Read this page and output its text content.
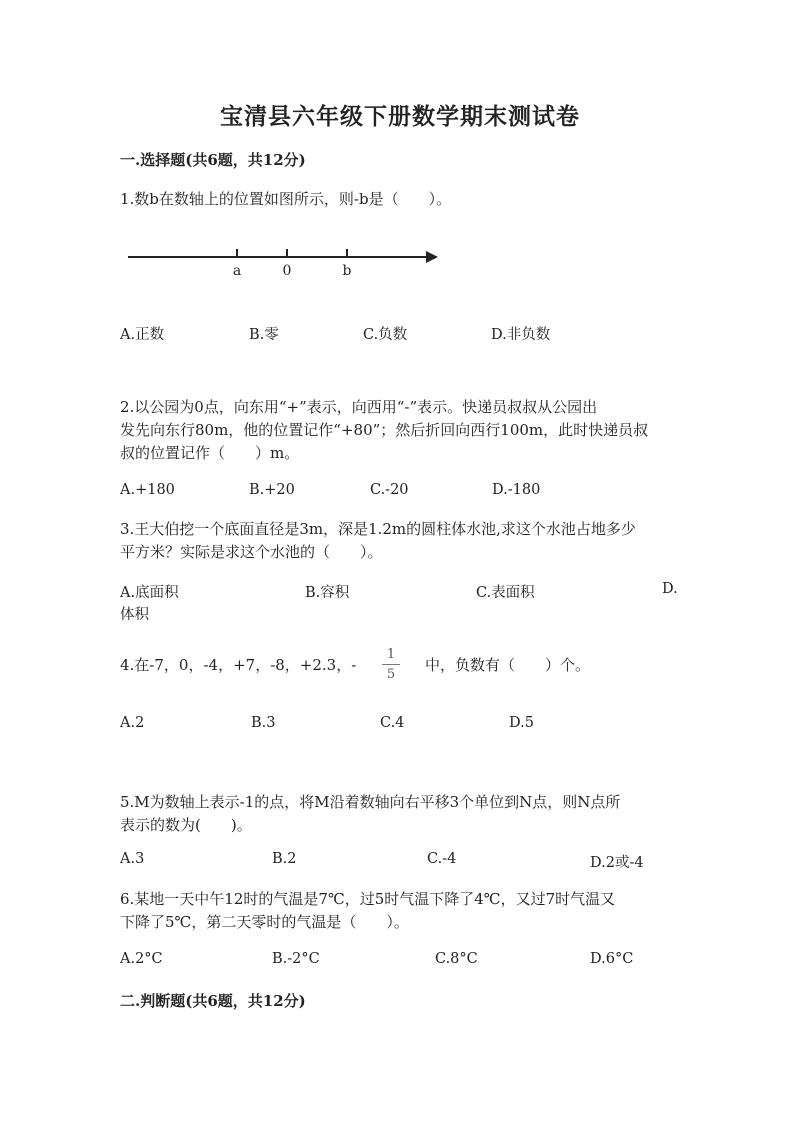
宝清县六年级下册数学期末测试卷
一.选择题(共6题，共12分)
1.数b在数轴上的位置如图所示，则-b是（　　）。
a	0	b
A.正数	B.零	C.负数	D.非负数
2.以公园为0点，向东用“+”表示，向西用“-”表示。快递员叔叔从公园出
发先向东行80m，他的位置记作“+80”；然后折回向西行100m，此时快递员叔
叔的位置记作（　　）m。
A.+180	B.+20	C.-20	D.-180
3.王大伯挖一个底面直径是3m，深是1.2m的圆柱体水池,求这个水池占地多少
平方米？实际是求这个水池的（　　）。
A.底面积	B.容积	C.表面积	D.
体积
4.在-7，0，-4，+7，-8，+2.3，-
1
5
中，负数有（　　）个。
A.2	B.3	C.4	D.5
5.M为数轴上表示-1的点，将M沿着数轴向右平移3个单位到N点，则N点所
表示的数为(　　)。
A.3	B.2	C.-4	D.2或-4
6.某地一天中午12时的气温是7℃，过5时气温下降了4℃，又过7时气温又
下降了5℃，第二天零时的气温是（　　）。
A.2°C	B.-2°C	C.8°C	D.6°C
二.判断题(共6题，共12分)
